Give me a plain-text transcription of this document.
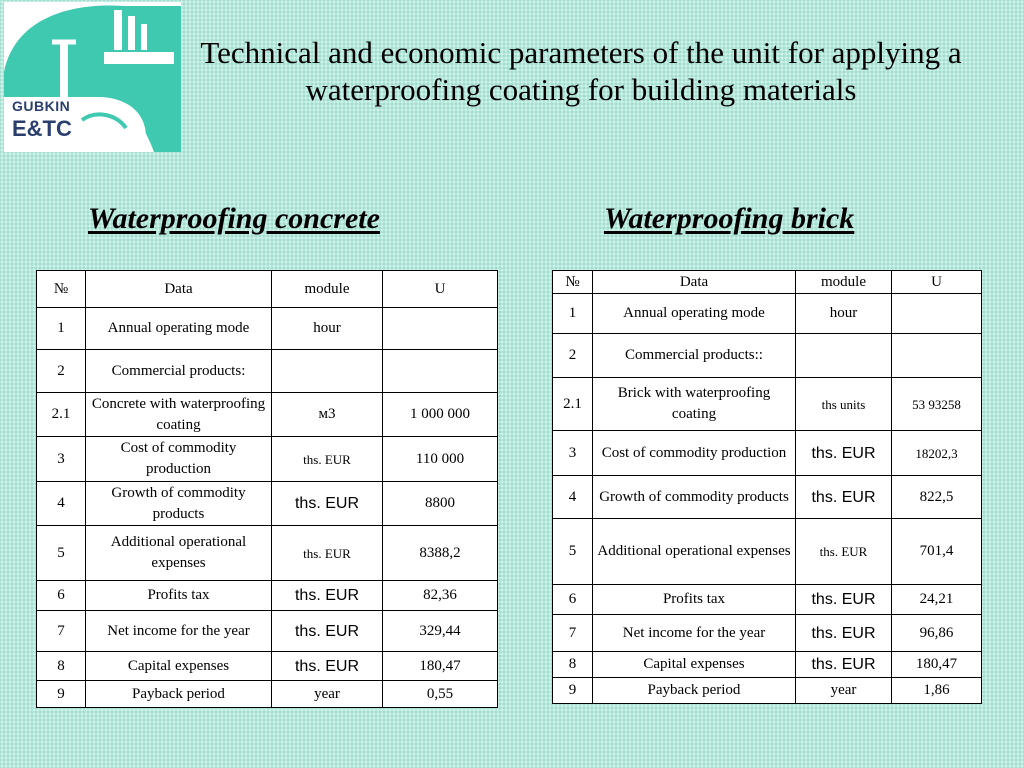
GUBKIN
E&TC
Technical and economic parameters of the unit for applying a waterproofing coating for building materials
Waterproofing concrete	Waterproofing brick
№	Data	module	U
1	Annual operating mode	hour	
2	Commercial products:		
2.1	Concrete with waterproofing coating	м3	1 000 000
3	Cost of commodity production	ths. EUR	110 000
4	Growth of commodity products	ths. EUR	8800
5	Additional operational expenses	ths. EUR	8388,2
6	Profits tax	ths. EUR	82,36
7	Net income for the year	ths. EUR	329,44
8	Capital expenses	ths. EUR	180,47
9	Payback period	year	0,55
№	Data	module	U
1	Annual operating mode	hour	
2	Commercial products::		
2.1	Brick with waterproofing coating	ths units	53 93258
3	Cost of commodity production	ths. EUR	18202,3
4	Growth of commodity products	ths. EUR	822,5
5	Additional operational expenses	ths. EUR	701,4
6	Profits tax	ths. EUR	24,21
7	Net income for the year	ths. EUR	96,86
8	Capital expenses	ths. EUR	180,47
9	Payback period	year	1,86
